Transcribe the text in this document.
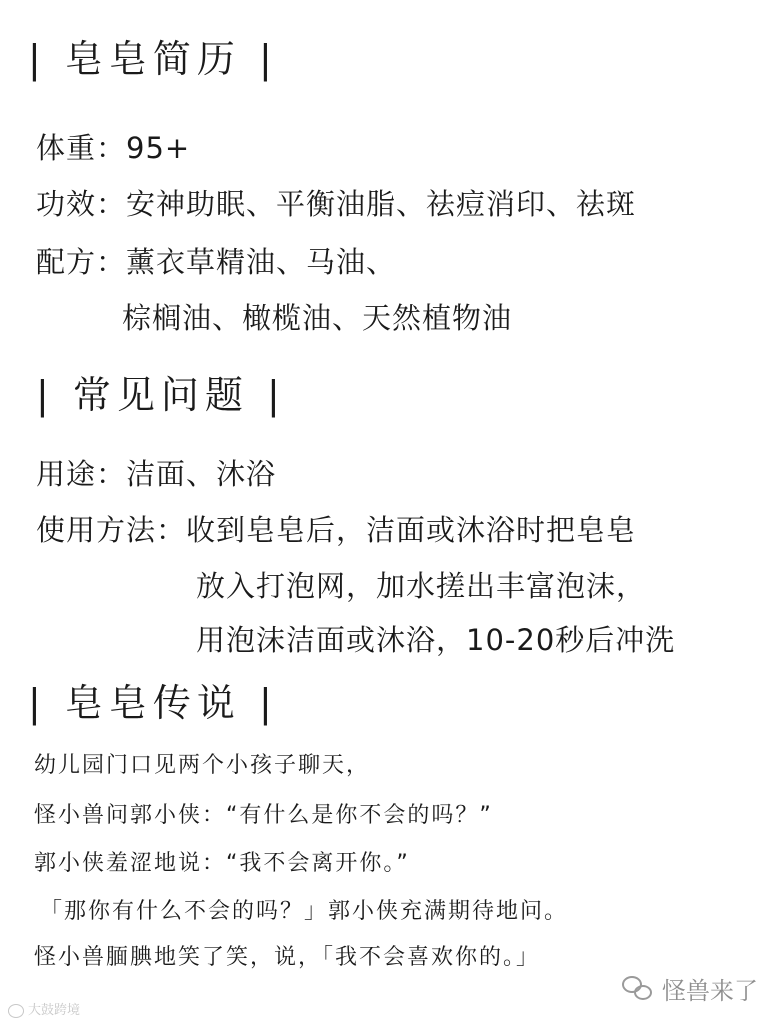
| 皂皂简历 |

体重：95+

功效：安神助眠、平衡油脂、祛痘消印、祛斑

配方：薰衣草精油、马油、

棕榈油、橄榄油、天然植物油

| 常见问题 |

用途：洁面、沐浴

使用方法：收到皂皂后，洁面或沐浴时把皂皂

放入打泡网，加水搓出丰富泡沫，

用泡沫洁面或沐浴，10-20秒后冲洗

| 皂皂传说 |

幼儿园门口见两个小孩子聊天，

怪小兽问郭小侠：“有什么是你不会的吗？”

郭小侠羞涩地说：“我不会离开你。”

「那你有什么不会的吗？」郭小侠充满期待地问。

怪小兽腼腆地笑了笑，说，「我不会喜欢你的。」

大鼓跨境
怪兽来了
